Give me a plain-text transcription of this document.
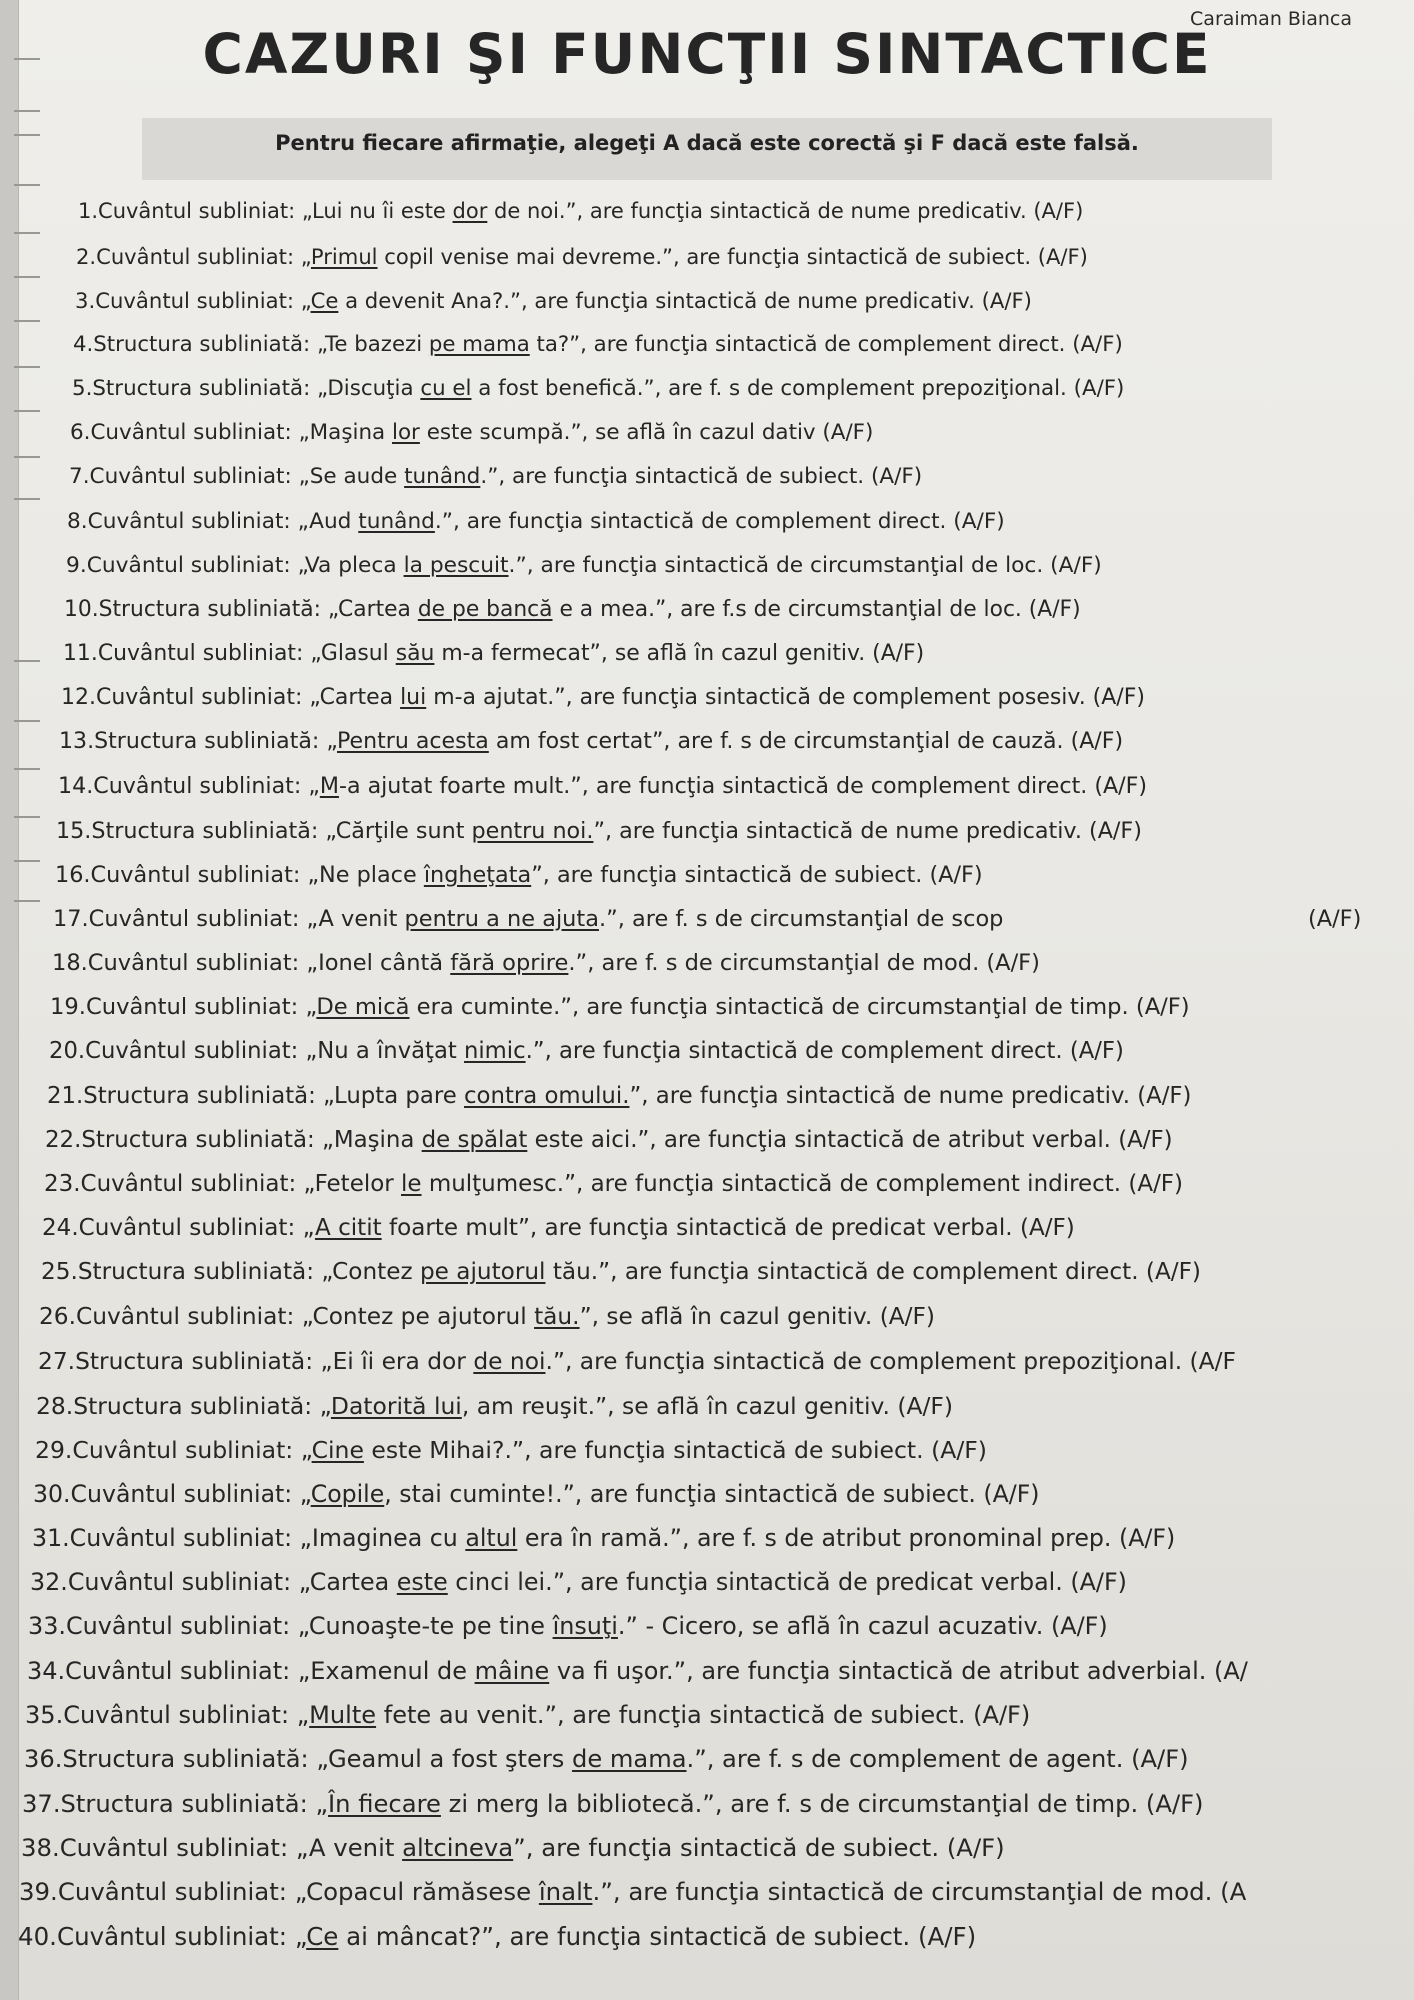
Caraiman Bianca
CAZURI ŞI FUNCŢII SINTACTICE
Pentru fiecare afirmaţie, alegeţi A dacă este corectă şi F dacă este falsă.
1.Cuvântul subliniat: „Lui nu îi este dor de noi.”, are funcţia sintactică de nume predicativ. (A/F)
2.Cuvântul subliniat: „Primul copil venise mai devreme.”, are funcţia sintactică de subiect. (A/F)
3.Cuvântul subliniat: „Ce a devenit Ana?.”, are funcţia sintactică de nume predicativ. (A/F)
4.Structura subliniată: „Te bazezi pe mama ta?”, are funcţia sintactică de complement direct. (A/F)
5.Structura subliniată: „Discuţia cu el a fost benefică.”, are f. s de complement prepoziţional. (A/F)
6.Cuvântul subliniat: „Maşina lor este scumpă.”, se află în cazul dativ (A/F)
7.Cuvântul subliniat: „Se aude tunând.”, are funcţia sintactică de subiect. (A/F)
8.Cuvântul subliniat: „Aud tunând.”, are funcţia sintactică de complement direct. (A/F)
9.Cuvântul subliniat: „Va pleca la pescuit.”, are funcţia sintactică de circumstanţial de loc. (A/F)
10.Structura subliniată: „Cartea de pe bancă e a mea.”, are f.s de circumstanţial de loc. (A/F)
11.Cuvântul subliniat: „Glasul său m-a fermecat”, se află în cazul genitiv. (A/F)
12.Cuvântul subliniat: „Cartea lui m-a ajutat.”, are funcţia sintactică de complement posesiv. (A/F)
13.Structura subliniată: „Pentru acesta am fost certat”, are f. s de circumstanţial de cauză. (A/F)
14.Cuvântul subliniat: „M-a ajutat foarte mult.”, are funcţia sintactică de complement direct. (A/F)
15.Structura subliniată: „Cărţile sunt pentru noi.”, are funcţia sintactică de nume predicativ. (A/F)
16.Cuvântul subliniat: „Ne place îngheţata”, are funcţia sintactică de subiect. (A/F)
17.Cuvântul subliniat: „A venit pentru a ne ajuta.”, are f. s de circumstanţial de scop	(A/F)
18.Cuvântul subliniat: „Ionel cântă fără oprire.”, are f. s de circumstanţial de mod. (A/F)
19.Cuvântul subliniat: „De mică era cuminte.”, are funcţia sintactică de circumstanţial de timp. (A/F)
20.Cuvântul subliniat: „Nu a învăţat nimic.”, are funcţia sintactică de complement direct. (A/F)
21.Structura subliniată: „Lupta pare contra omului.”, are funcţia sintactică de nume predicativ. (A/F)
22.Structura subliniată: „Maşina de spălat este aici.”, are funcţia sintactică de atribut verbal. (A/F)
23.Cuvântul subliniat: „Fetelor le mulţumesc.”, are funcţia sintactică de complement indirect. (A/F)
24.Cuvântul subliniat: „A citit foarte mult”, are funcţia sintactică de predicat verbal. (A/F)
25.Structura subliniată: „Contez pe ajutorul tău.”, are funcţia sintactică de complement direct. (A/F)
26.Cuvântul subliniat: „Contez pe ajutorul tău.”, se află în cazul genitiv. (A/F)
27.Structura subliniată: „Ei îi era dor de noi.”, are funcţia sintactică de complement prepoziţional. (A/F
28.Structura subliniată: „Datorită lui, am reuşit.”, se află în cazul genitiv. (A/F)
29.Cuvântul subliniat: „Cine este Mihai?.”, are funcţia sintactică de subiect. (A/F)
30.Cuvântul subliniat: „Copile, stai cuminte!.”, are funcţia sintactică de subiect. (A/F)
31.Cuvântul subliniat: „Imaginea cu altul era în ramă.”, are f. s de atribut pronominal prep. (A/F)
32.Cuvântul subliniat: „Cartea este cinci lei.”, are funcţia sintactică de predicat verbal. (A/F)
33.Cuvântul subliniat: „Cunoaşte-te pe tine însuţi.” - Cicero, se află în cazul acuzativ. (A/F)
34.Cuvântul subliniat: „Examenul de mâine va fi uşor.”, are funcţia sintactică de atribut adverbial. (A/
35.Cuvântul subliniat: „Multe fete au venit.”, are funcţia sintactică de subiect. (A/F)
36.Structura subliniată: „Geamul a fost şters de mama.”, are f. s de complement de agent. (A/F)
37.Structura subliniată: „În fiecare zi merg la bibliotecă.”, are f. s de circumstanţial de timp. (A/F)
38.Cuvântul subliniat: „A venit altcineva”, are funcţia sintactică de subiect. (A/F)
39.Cuvântul subliniat: „Copacul rămăsese înalt.”, are funcţia sintactică de circumstanţial de mod. (A
40.Cuvântul subliniat: „Ce ai mâncat?”, are funcţia sintactică de subiect. (A/F)
